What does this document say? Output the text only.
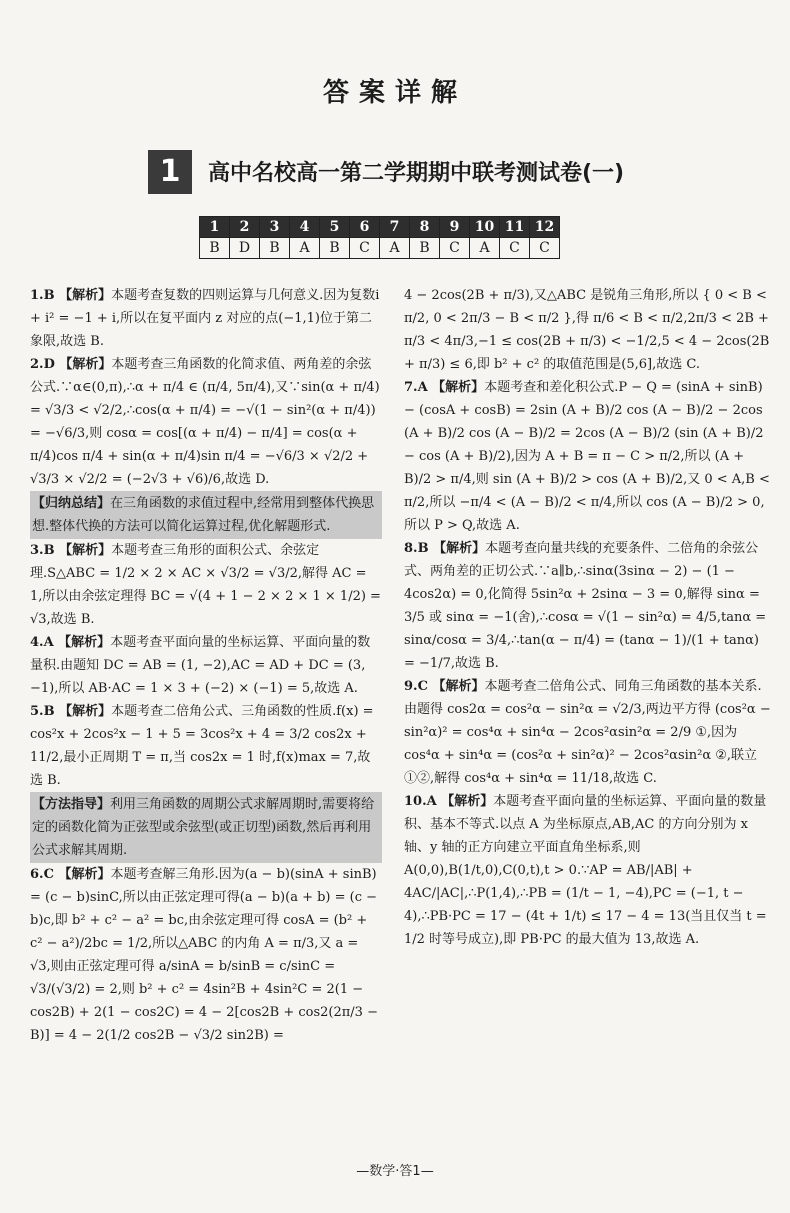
答案详解
1	高中名校高一第二学期期中联考测试卷(一)
1	2	3	4	5	6	7	8	9	10	11	12
B	D	B	A	B	C	A	B	C	A	C	C

1.B 【解析】本题考查复数的四则运算与几何意义.因为复数i + i² = −1 + i,所以在复平面内 z 对应的点(−1,1)位于第二象限,故选 B.

2.D 【解析】本题考查三角函数的化简求值、两角差的余弦公式.∵α∈(0,π),∴α + π/4 ∈ (π/4, 5π/4),又∵sin(α + π/4) = √3/3 < √2/2,∴cos(α + π/4) = −√(1 − sin²(α + π/4)) = −√6/3,则 cosα = cos[(α + π/4) − π/4] = cos(α + π/4)cos π/4 + sin(α + π/4)sin π/4 = −√6/3 × √2/2 + √3/3 × √2/2 = (−2√3 + √6)/6,故选 D.

【归纳总结】在三角函数的求值过程中,经常用到整体代换思想.整体代换的方法可以简化运算过程,优化解题形式.

3.B 【解析】本题考查三角形的面积公式、余弦定理.S△ABC = 1/2 × 2 × AC × √3/2 = √3/2,解得 AC = 1,所以由余弦定理得 BC = √(4 + 1 − 2 × 2 × 1 × 1/2) = √3,故选 B.

4.A 【解析】本题考查平面向量的坐标运算、平面向量的数量积.由题知 DC = AB = (1, −2),AC = AD + DC = (3, −1),所以 AB·AC = 1 × 3 + (−2) × (−1) = 5,故选 A.

5.B 【解析】本题考查二倍角公式、三角函数的性质.f(x) = cos²x + 2cos²x − 1 + 5 = 3cos²x + 4 = 3/2 cos2x + 11/2,最小正周期 T = π,当 cos2x = 1 时,f(x)max = 7,故选 B.

【方法指导】利用三角函数的周期公式求解周期时,需要将给定的函数化简为正弦型或余弦型(或正切型)函数,然后再利用公式求解其周期.

6.C 【解析】本题考查解三角形.因为(a − b)(sinA + sinB) = (c − b)sinC,所以由正弦定理可得(a − b)(a + b) = (c − b)c,即 b² + c² − a² = bc,由余弦定理可得 cosA = (b² + c² − a²)/2bc = 1/2,所以△ABC 的内角 A = π/3,又 a = √3,则由正弦定理可得 a/sinA = b/sinB = c/sinC = √3/(√3/2) = 2,则 b² + c² = 4sin²B + 4sin²C = 2(1 − cos2B) + 2(1 − cos2C) = 4 − 2[cos2B + cos2(2π/3 − B)] = 4 − 2(1/2 cos2B − √3/2 sin2B) =

4 − 2cos(2B + π/3),又△ABC 是锐角三角形,所以 { 0 < B < π/2, 0 < 2π/3 − B < π/2 },得 π/6 < B < π/2,2π/3 < 2B + π/3 < 4π/3,−1 ≤ cos(2B + π/3) < −1/2,5 < 4 − 2cos(2B + π/3) ≤ 6,即 b² + c² 的取值范围是(5,6],故选 C.

7.A 【解析】本题考查和差化积公式.P − Q = (sinA + sinB) − (cosA + cosB) = 2sin (A + B)/2 cos (A − B)/2 − 2cos (A + B)/2 cos (A − B)/2 = 2cos (A − B)/2 (sin (A + B)/2 − cos (A + B)/2),因为 A + B = π − C > π/2,所以 (A + B)/2 > π/4,则 sin (A + B)/2 > cos (A + B)/2,又 0 < A,B < π/2,所以 −π/4 < (A − B)/2 < π/4,所以 cos (A − B)/2 > 0,所以 P > Q,故选 A.

8.B 【解析】本题考查向量共线的充要条件、二倍角的余弦公式、两角差的正切公式.∵a∥b,∴sinα(3sinα − 2) − (1 − 4cos2α) = 0,化简得 5sin²α + 2sinα − 3 = 0,解得 sinα = 3/5 或 sinα = −1(舍),∴cosα = √(1 − sin²α) = 4/5,tanα = sinα/cosα = 3/4,∴tan(α − π/4) = (tanα − 1)/(1 + tanα) = −1/7,故选 B.

9.C 【解析】本题考查二倍角公式、同角三角函数的基本关系.由题得 cos2α = cos²α − sin²α = √2/3,两边平方得 (cos²α − sin²α)² = cos⁴α + sin⁴α − 2cos²αsin²α = 2/9 ①,因为 cos⁴α + sin⁴α = (cos²α + sin²α)² − 2cos²αsin²α ②,联立①②,解得 cos⁴α + sin⁴α = 11/18,故选 C.

10.A 【解析】本题考查平面向量的坐标运算、平面向量的数量积、基本不等式.以点 A 为坐标原点,AB,AC 的方向分别为 x 轴、y 轴的正方向建立平面直角坐标系,则 A(0,0),B(1/t,0),C(0,t),t > 0.∵AP = AB/|AB| + 4AC/|AC|,∴P(1,4),∴PB = (1/t − 1, −4),PC = (−1, t − 4),∴PB·PC = 17 − (4t + 1/t) ≤ 17 − 4 = 13(当且仅当 t = 1/2 时等号成立),即 PB·PC 的最大值为 13,故选 A.

—数学·答1—
